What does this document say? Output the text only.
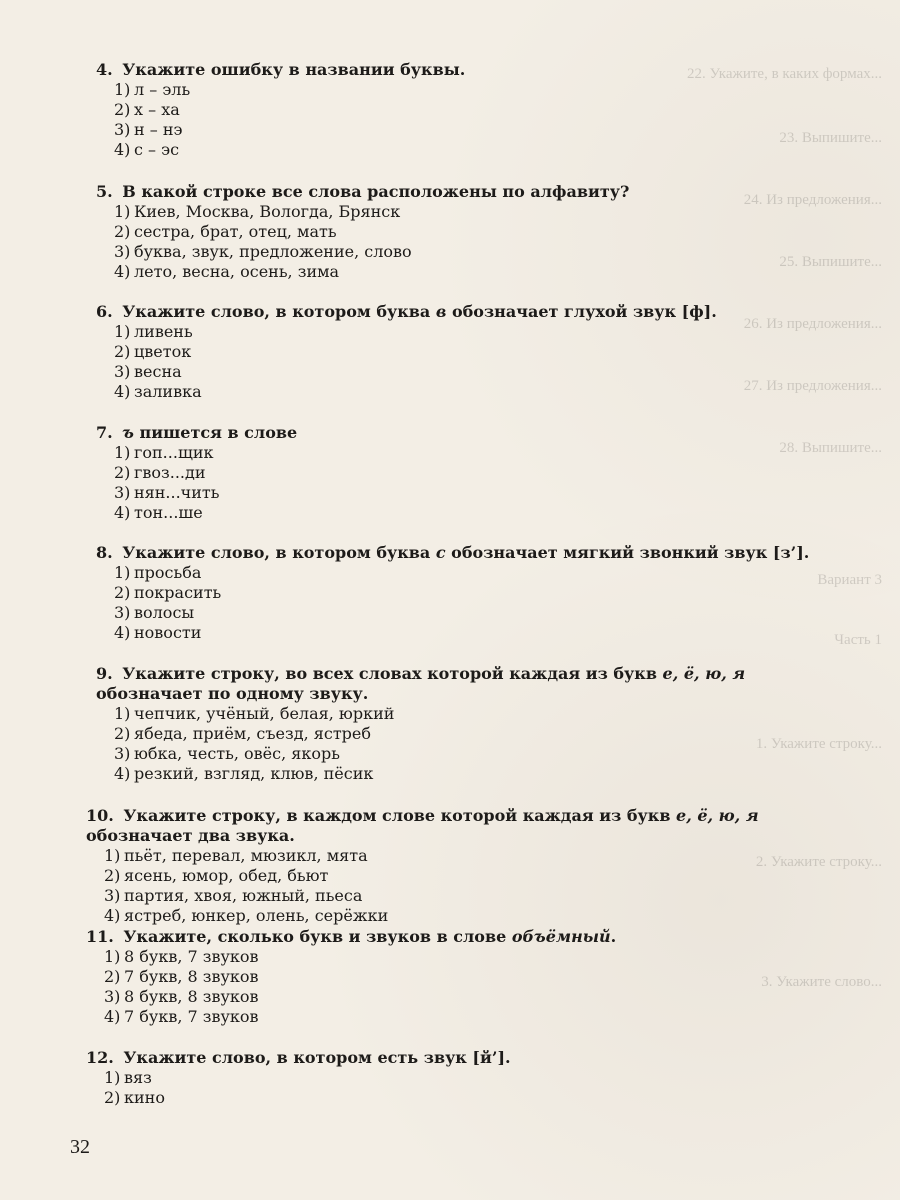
22. Укажите, в каких формах...
23. Выпишите...
24. Из предложения...
25. Выпишите...
26. Из предложения...
27. Из предложения...
28. Выпишите...
Вариант 3
Часть 1
1. Укажите строку...
2. Укажите строку...
3. Укажите слово...

4. Укажите ошибку в названии буквы.

1) л – эль
2) х – ха
3) н – нэ
4) с – эс

5. В какой строке все слова расположены по алфавиту?

1) Киев, Москва, Вологда, Брянск
2) сестра, брат, отец, мать
3) буква, звук, предложение, слово
4) лето, весна, осень, зима

6. Укажите слово, в котором буква в обозначает глухой звук [ф].

1) ливень
2) цветок
3) весна
4) заливка

7. ъ пишется в слове

1) гоп...щик
2) гвоз...ди
3) нян...чить
4) тон...ше

8. Укажите слово, в котором буква с обозначает мягкий звонкий звук [з’].

1) просьба
2) покрасить
3) волосы
4) новости

9. Укажите строку, во всех словах которой каждая из букв е, ё, ю, я обозначает по одному звуку.

1) чепчик, учёный, белая, юркий
2) ябеда, приём, съезд, ястреб
3) юбка, честь, овёс, якорь
4) резкий, взгляд, клюв, пёсик

10. Укажите строку, в каждом слове которой каждая из букв е, ё, ю, я обозначает два звука.

1) пьёт, перевал, мюзикл, мята
2) ясень, юмор, обед, бьют
3) партия, хвоя, южный, пьеса
4) ястреб, юнкер, олень, серёжки

11. Укажите, сколько букв и звуков в слове объёмный.

1) 8 букв, 7 звуков
2) 7 букв, 8 звуков
3) 8 букв, 8 звуков
4) 7 букв, 7 звуков

12. Укажите слово, в котором есть звук [й’].

1) вяз
2) кино
32
